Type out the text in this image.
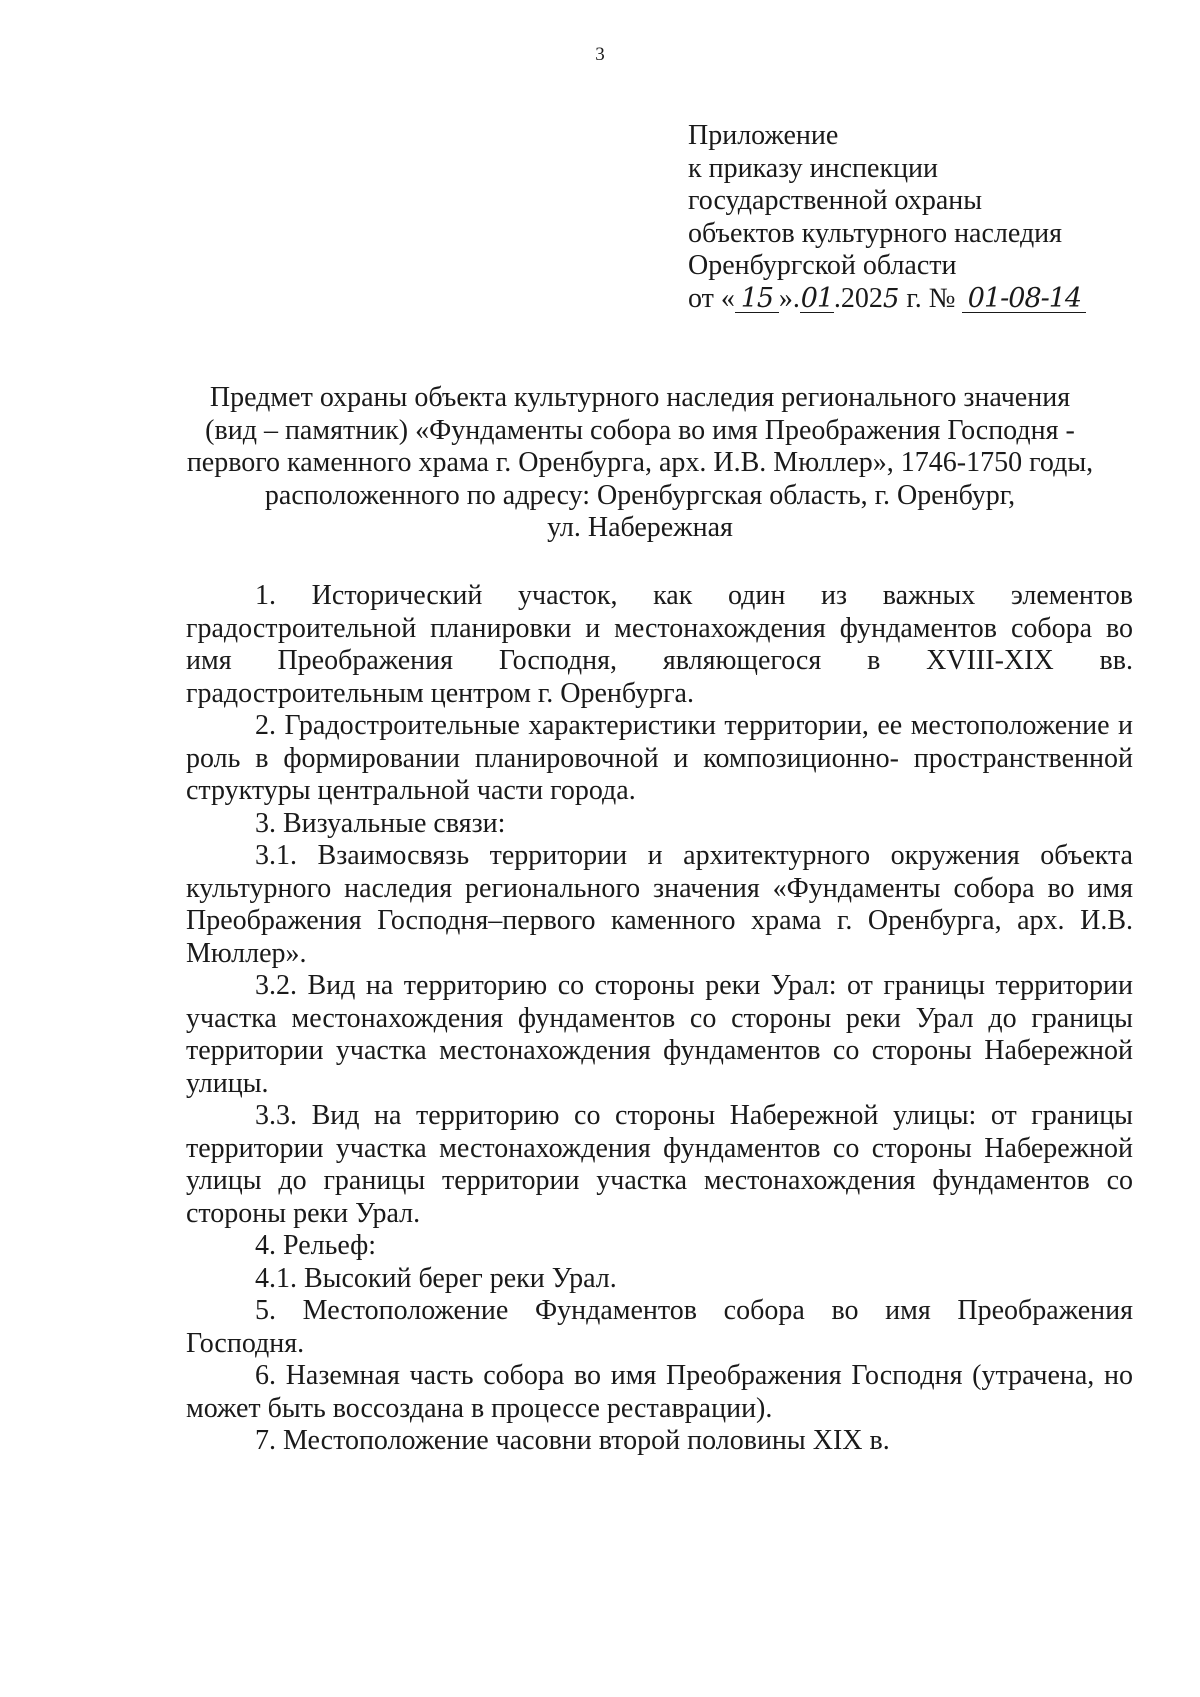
3
Приложение
к приказу инспекции
государственной охраны
объектов культурного наследия
Оренбургской области
от « 15 ».01.2025 г. № 01-08-14
Предмет охраны объекта культурного наследия регионального значения
(вид – памятник) «Фундаменты собора во имя Преображения Господня -
первого каменного храма г. Оренбурга, арх. И.В. Мюллер», 1746-1750 годы,
расположенного по адресу: Оренбургская область, г. Оренбург,
ул. Набережная

1. Исторический участок, как один из важных элементов градостроительной планировки и местонахождения фундаментов собора во имя Преображения Господня, являющегося в XVIII-XIX вв. градостроительным центром г. Оренбурга.

2. Градостроительные характеристики территории, ее местоположение и роль в формировании планировочной и композиционно- пространственной структуры центральной части города.

3. Визуальные связи:

3.1. Взаимосвязь территории и архитектурного окружения объекта культурного наследия регионального значения «Фундаменты собора во имя Преображения Господня–первого каменного храма г. Оренбурга, арх. И.В. Мюллер».

3.2. Вид на территорию со стороны реки Урал: от границы территории участка местонахождения фундаментов со стороны реки Урал до границы территории участка местонахождения фундаментов со стороны Набережной улицы.

3.3. Вид на территорию со стороны Набережной улицы: от границы территории участка местонахождения фундаментов со стороны Набережной улицы до границы территории участка местонахождения фундаментов со стороны реки Урал.

4. Рельеф:

4.1. Высокий берег реки Урал.

5. Местоположение Фундаментов собора во имя Преображения Господня.

6. Наземная часть собора во имя Преображения Господня (утрачена, но может быть воссоздана в процессе реставрации).

7. Местоположение часовни второй половины XIX в.
